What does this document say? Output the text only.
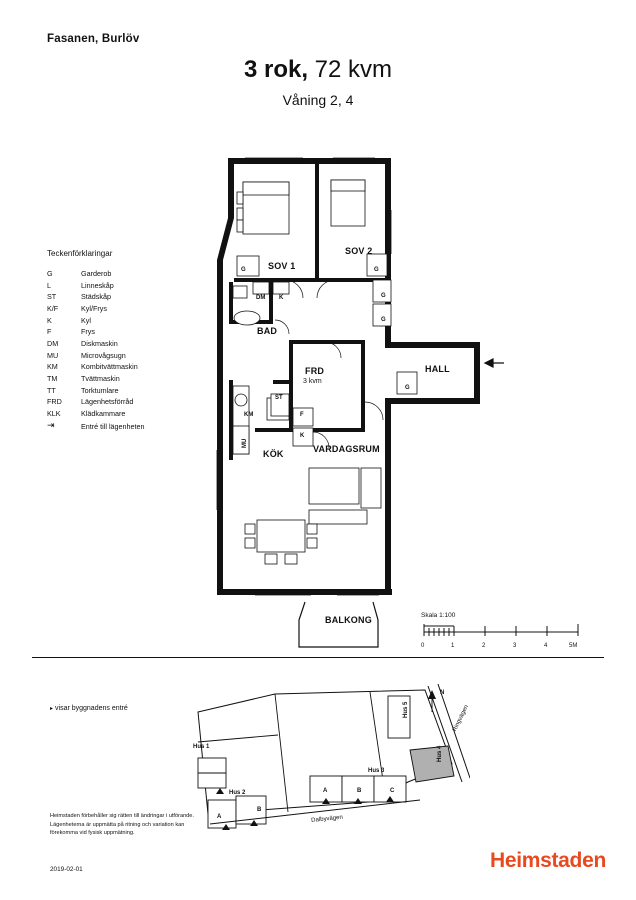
Fasanen, Burlöv
3 rok, 72 kvm
Våning 2, 4
Teckenförklaringar
G	Garderob
L	Linneskåp
ST	Städskåp
K/F	Kyl/Frys
K	Kyl
F	Frys
DM	Diskmaskin
MU	Microvågsugn
KM	Kombitvättmaskin
TM	Tvättmaskin
TT	Torktumlare
FRD	Lägenhetsförråd
KLK	Klädkammare
⇥	Entré till lägenheten
SOV 1
SOV 2
BAD
HALL
KÖK	VARDAGSRUM
BALKONG
FRD
3 kvm
G	G
G
G
G
ST
F
K
DM K
KM
MU
Skala 1:100
0	1	2	3	4	5M
▸ visar byggnadens entré
Hus 1
Hus 2
Hus 3
Hus 4
Hus 5
A
B
A	B	C
Dalbyvägen
Ringvägen
N
Heimstaden förbehåller sig rätten till ändringar i utförande. Lägenheterna är uppmätta på ritning och variation kan förekomma vid fysisk uppmätning.
2019-02-01	Heimstaden
